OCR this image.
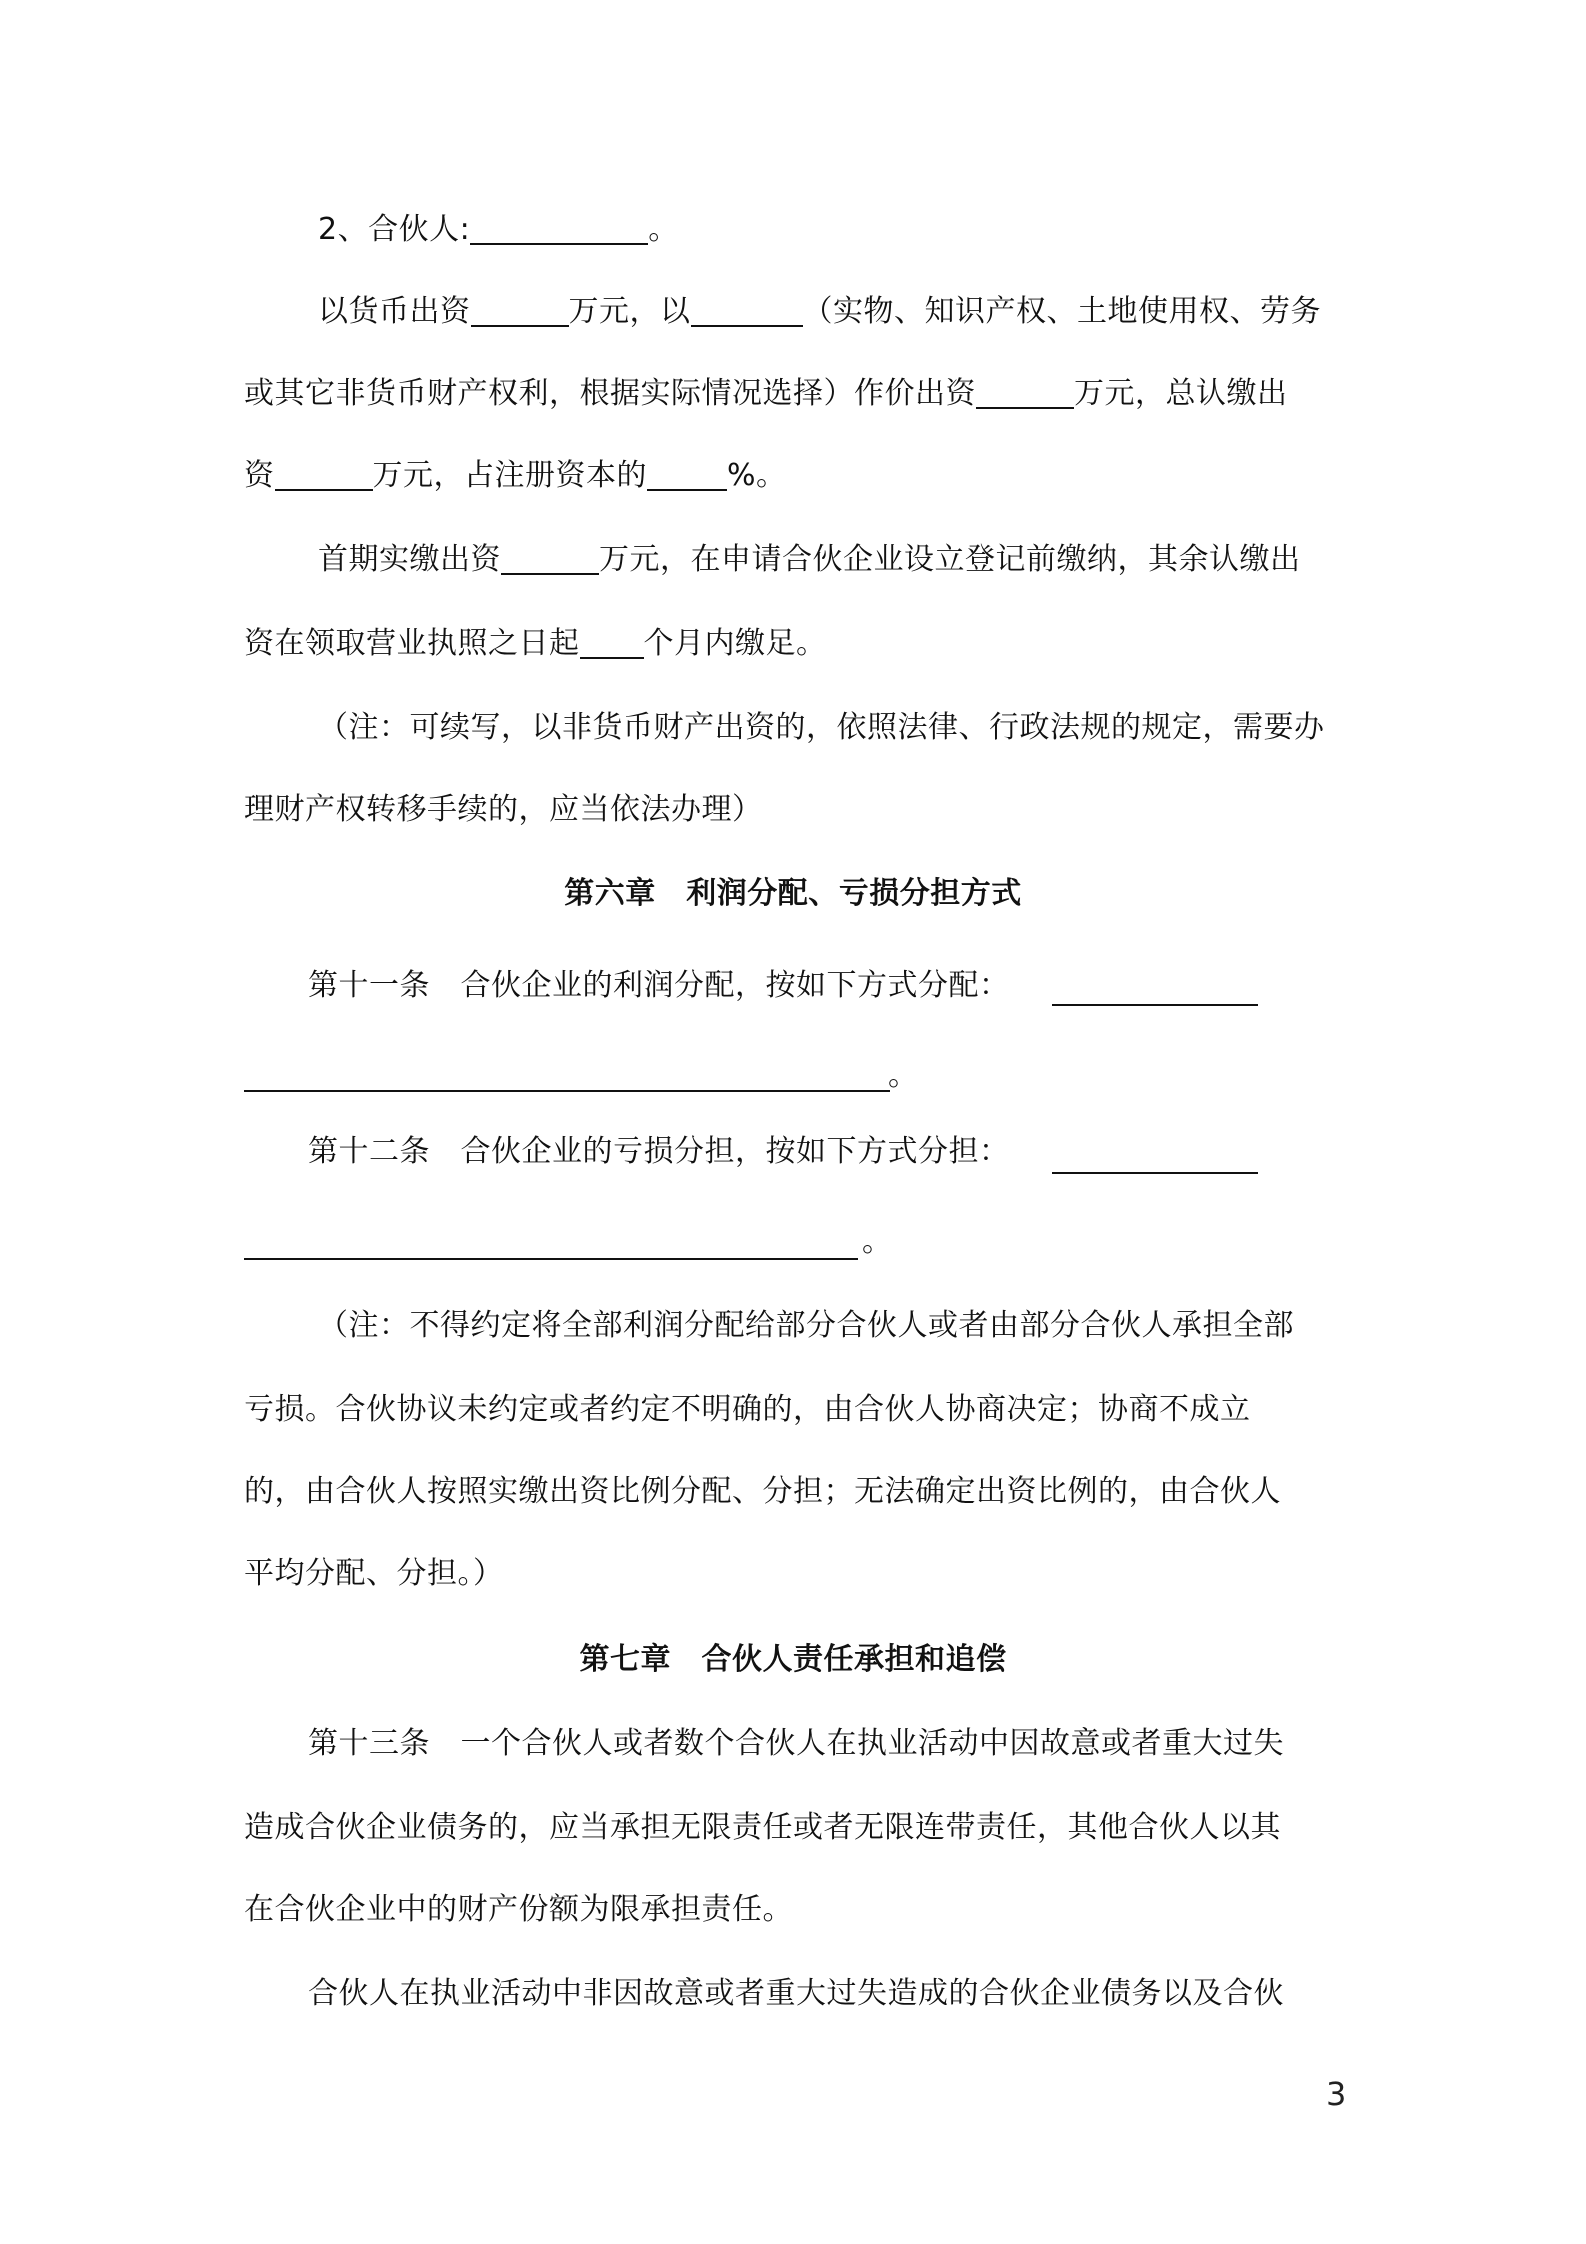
2、合伙人:	。
以货币出资	万元，以	（实物、知识产权、土地使用权、劳务
或其它非货币财产权利，根据实际情况选择）作价出资	万元，总认缴出
资	万元，占注册资本的	%。
首期实缴出资	万元，在申请合伙企业设立登记前缴纳，其余认缴出
资在领取营业执照之日起 个月内缴足。
（注：可续写，以非货币财产出资的，依照法律、行政法规的规定，需要办
理财产权转移手续的，应当依法办理）
第六章　利润分配、亏损分担方式
第十一条　合伙企业的利润分配，按如下方式分配：
。
第十二条　合伙企业的亏损分担，按如下方式分担：
。
（注：不得约定将全部利润分配给部分合伙人或者由部分合伙人承担全部
亏损。合伙协议未约定或者约定不明确的，由合伙人协商决定；协商不成立
的，由合伙人按照实缴出资比例分配、分担；无法确定出资比例的，由合伙人
平均分配、分担。）
第七章　合伙人责任承担和追偿
第十三条　一个合伙人或者数个合伙人在执业活动中因故意或者重大过失
造成合伙企业债务的，应当承担无限责任或者无限连带责任，其他合伙人以其
在合伙企业中的财产份额为限承担责任。
合伙人在执业活动中非因故意或者重大过失造成的合伙企业债务以及合伙
3
